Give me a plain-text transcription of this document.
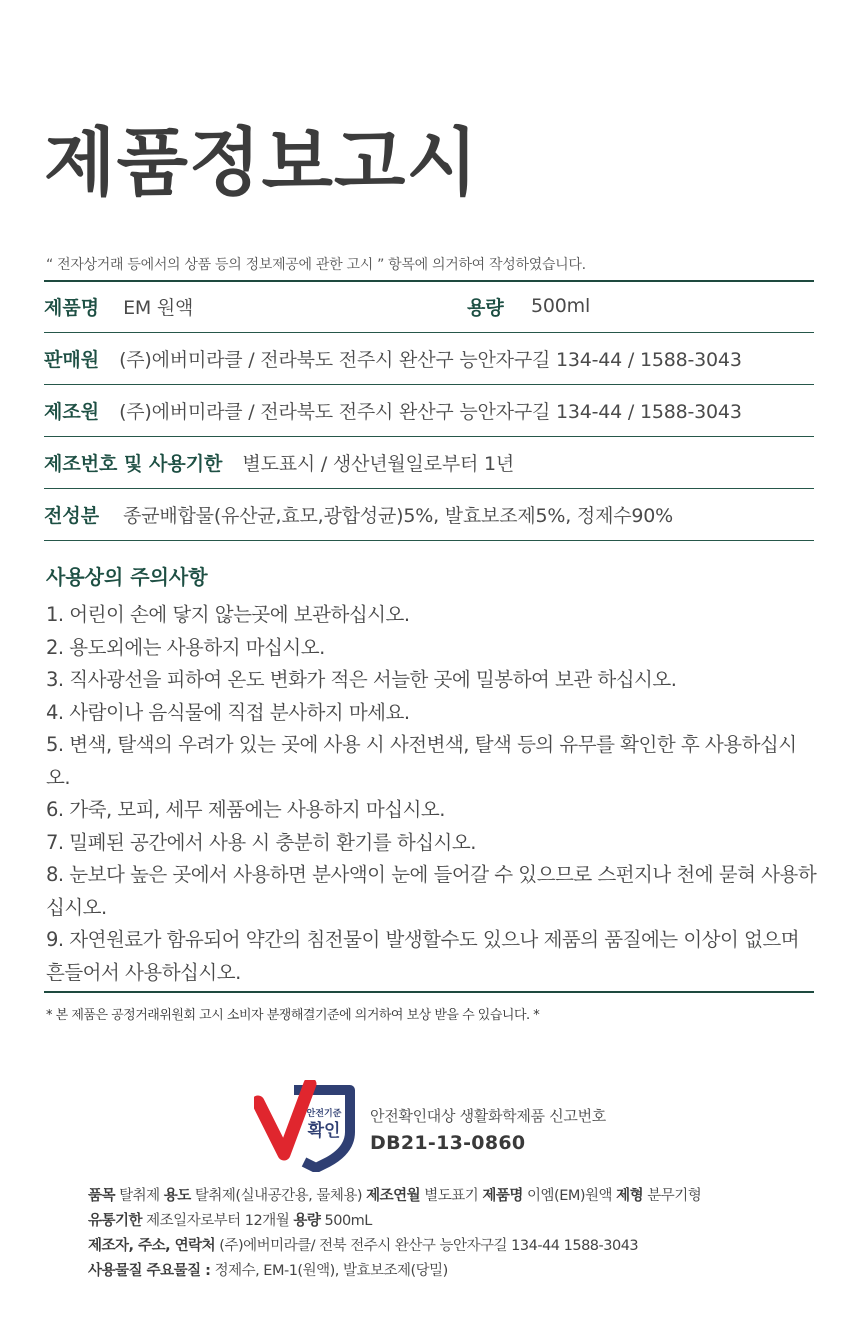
제품정보고시
“ 전자상거래 등에서의 상품 등의 정보제공에 관한 고시 ” 항목에 의거하여 작성하였습니다.
제품명 EM 원액	용량 500ml
판매원 (주)에버미라클 / 전라북도 전주시 완산구 능안자구길 134-44 / 1588-3043
제조원 (주)에버미라클 / 전라북도 전주시 완산구 능안자구길 134-44 / 1588-3043
제조번호 및 사용기한 별도표시 / 생산년월일로부터 1년
전성분 종균배합물(유산균,효모,광합성균)5%, 발효보조제5%, 정제수90%
사용상의 주의사항
1. 어린이 손에 닿지 않는곳에 보관하십시오.
2. 용도외에는 사용하지 마십시오.
3. 직사광선을 피하여 온도 변화가 적은 서늘한 곳에 밀봉하여 보관 하십시오.
4. 사람이나 음식물에 직접 분사하지 마세요.
5. 변색, 탈색의 우려가 있는 곳에 사용 시 사전변색, 탈색 등의 유무를 확인한 후 사용하십시오.
6. 가죽, 모피, 세무 제품에는 사용하지 마십시오.
7. 밀폐된 공간에서 사용 시 충분히 환기를 하십시오.
8. 눈보다 높은 곳에서 사용하면 분사액이 눈에 들어갈 수 있으므로 스펀지나 천에 묻혀 사용하십시오.
9. 자연원료가 함유되어 약간의 침전물이 발생할수도 있으나 제품의 품질에는 이상이 없으며 흔들어서 사용하십시오.
* 본 제품은 공정거래위원회 고시 소비자 분쟁해결기준에 의거하여 보상 받을 수 있습니다. *
안전기준
확인
안전확인대상 생활화학제품 신고번호
DB21-13-0860
품목 탈취제 용도 탈취제(실내공간용, 물체용) 제조연월 별도표기 제품명 이엠(EM)원액 제형 분무기형
유통기한 제조일자로부터 12개월 용량 500mL
제조자, 주소, 연락처 (주)에버미라클/ 전북 전주시 완산구 능안자구길 134-44 1588-3043
사용물질 주요물질 : 정제수, EM-1(원액), 발효보조제(당밀)
